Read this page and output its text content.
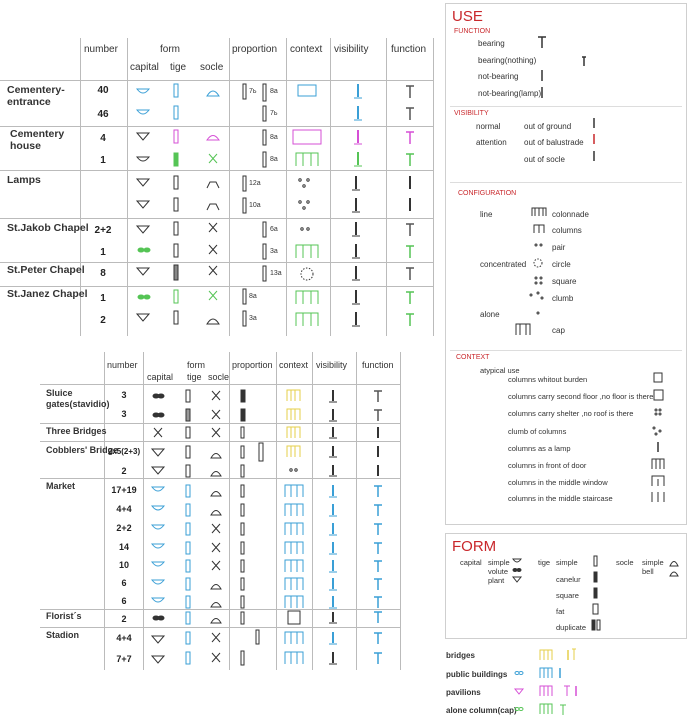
number	form
capital tige socle
proportion context visibility function
Cementery-entrance
Cementery house
Lamps
St.Jakob Chapel
St.Peter Chapel
St.Janez Chapel
40
46
4
1
2+2
1
8
1
2
7ь 8a
7ь
8a
8a
12a
10a
6a
3a
13a
8a
3a
number	form
capital tige socle
proportion context visibility function
Sluice gates(stavidio)
Three Bridges
Cobblers' Bridge
Market
Florist´s
Stadion
3
3
2x5(2+3)
2
17+19
4+4
2+2
14
10
6
6
2
4+4
7+7
USE
FUNCTION
bearing
bearing(nothing)
not-bearing
not-bearing(lamp)
VISIBILITY
normal
attention
out of ground
out of balustrade
out of socle
CONFIGURATION
line
concentrated
alone
colonnade
columns
pair
circle
square
clumb
cap
CONTEXT
atypical use
columns whitout burden
columns carry second floor ,no floor is there
columns carry shelter ,no roof is there
clumb of columns
columns as a lamp
columns in front of door
columns in the middle window
columns in the middle staircase
FORM
capital simple
volute
plant
tige simple
canelur
square
fat
duplicate
socle simple
bell
bridges
public buildings
pavilions
alone column(cap)
